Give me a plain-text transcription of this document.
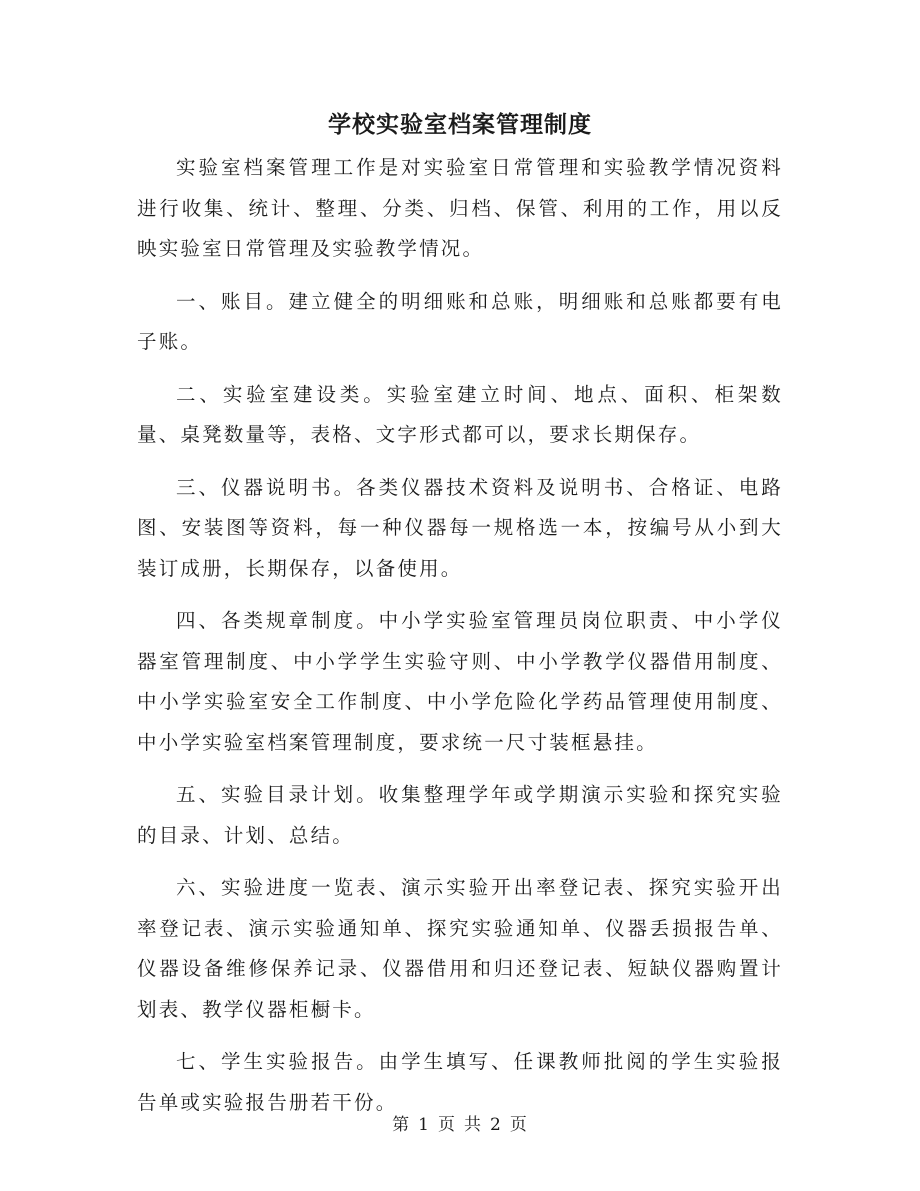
学校实验室档案管理制度

实验室档案管理工作是对实验室日常管理和实验教学情况资料进行收集、统计、整理、分类、归档、保管、利用的工作，用以反映实验室日常管理及实验教学情况。

一、账目。建立健全的明细账和总账，明细账和总账都要有电子账。

二、实验室建设类。实验室建立时间、地点、面积、柜架数量、桌凳数量等，表格、文字形式都可以，要求长期保存。

三、仪器说明书。各类仪器技术资料及说明书、合格证、电路图、安装图等资料，每一种仪器每一规格选一本，按编号从小到大装订成册，长期保存，以备使用。

四、各类规章制度。中小学实验室管理员岗位职责、中小学仪器室管理制度、中小学学生实验守则、中小学教学仪器借用制度、中小学实验室安全工作制度、中小学危险化学药品管理使用制度、中小学实验室档案管理制度，要求统一尺寸装框悬挂。

五、实验目录计划。收集整理学年或学期演示实验和探究实验的目录、计划、总结。

六、实验进度一览表、演示实验开出率登记表、探究实验开出率登记表、演示实验通知单、探究实验通知单、仪器丢损报告单、仪器设备维修保养记录、仪器借用和归还登记表、短缺仪器购置计划表、教学仪器柜橱卡。

七、学生实验报告。由学生填写、任课教师批阅的学生实验报告单或实验报告册若干份。

第 1 页 共 2 页
